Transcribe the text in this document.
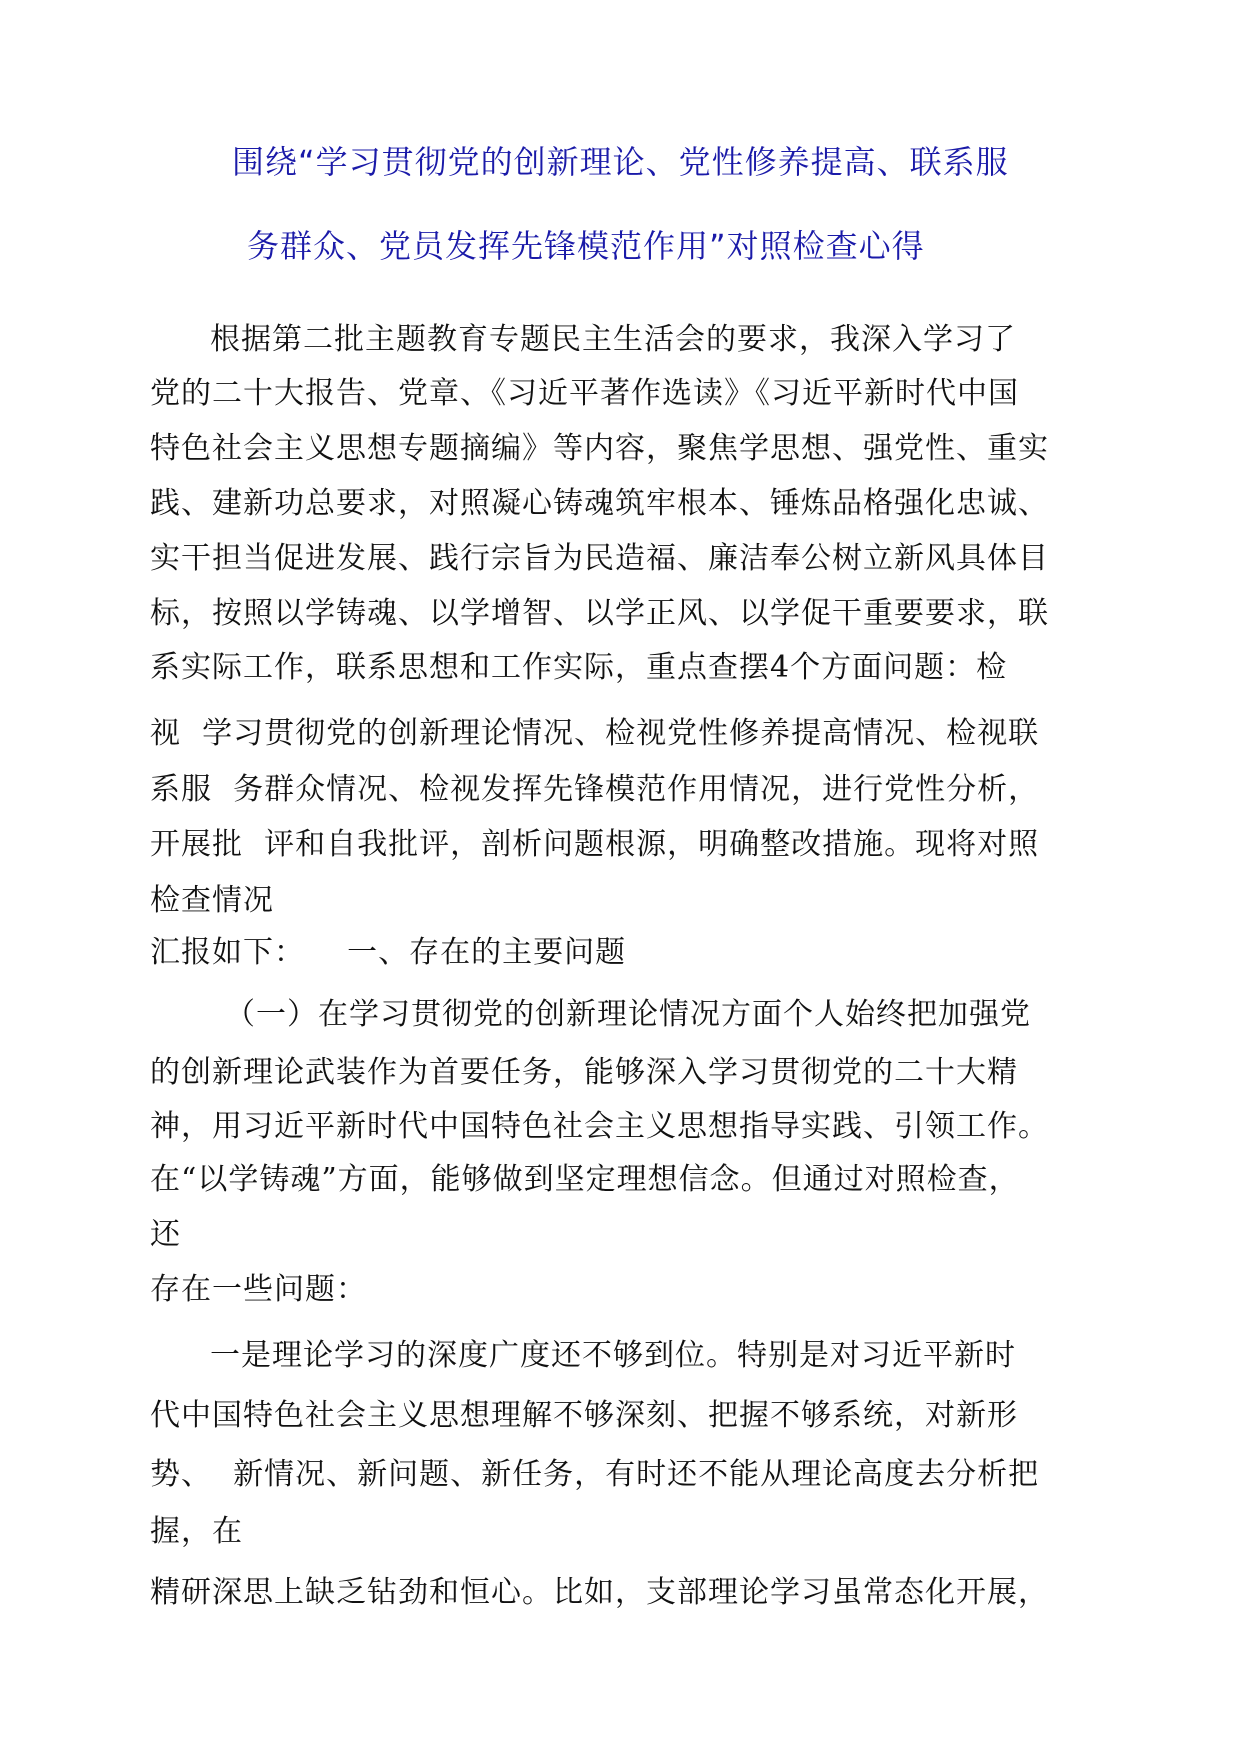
围绕“学习贯彻党的创新理论、党性修养提高、联系服
务群众、党员发挥先锋模范作用”对照检查心得
根据第二批主题教育专题民主生活会的要求，我深入学习了
党的二十大报告、党章、《习近平著作选读》《习近平新时代中国
特色社会主义思想专题摘编》等内容，聚焦学思想、强党性、重实
践、建新功总要求，对照凝心铸魂筑牢根本、锤炼品格强化忠诚、
实干担当促进发展、践行宗旨为民造福、廉洁奉公树立新风具体目
标，按照以学铸魂、以学增智、以学正风、以学促干重要要求，联
系实际工作，联系思想和工作实际，重点查摆4个方面问题：检
视  学习贯彻党的创新理论情况、检视党性修养提高情况、检视联
系服  务群众情况、检视发挥先锋模范作用情况，进行党性分析，
开展批  评和自我批评，剖析问题根源，明确整改措施。现将对照
检查情况
汇报如下：    一、存在的主要问题
（一）在学习贯彻党的创新理论情况方面个人始终把加强党
的创新理论武装作为首要任务，能够深入学习贯彻党的二十大精
神，用习近平新时代中国特色社会主义思想指导实践、引领工作。
在“以学铸魂”方面，能够做到坚定理想信念。但通过对照检查，
还
存在一些问题：
一是理论学习的深度广度还不够到位。特别是对习近平新时
代中国特色社会主义思想理解不够深刻、把握不够系统，对新形
势、  新情况、新问题、新任务，有时还不能从理论高度去分析把
握，在
精研深思上缺乏钻劲和恒心。比如，支部理论学习虽常态化开展，
